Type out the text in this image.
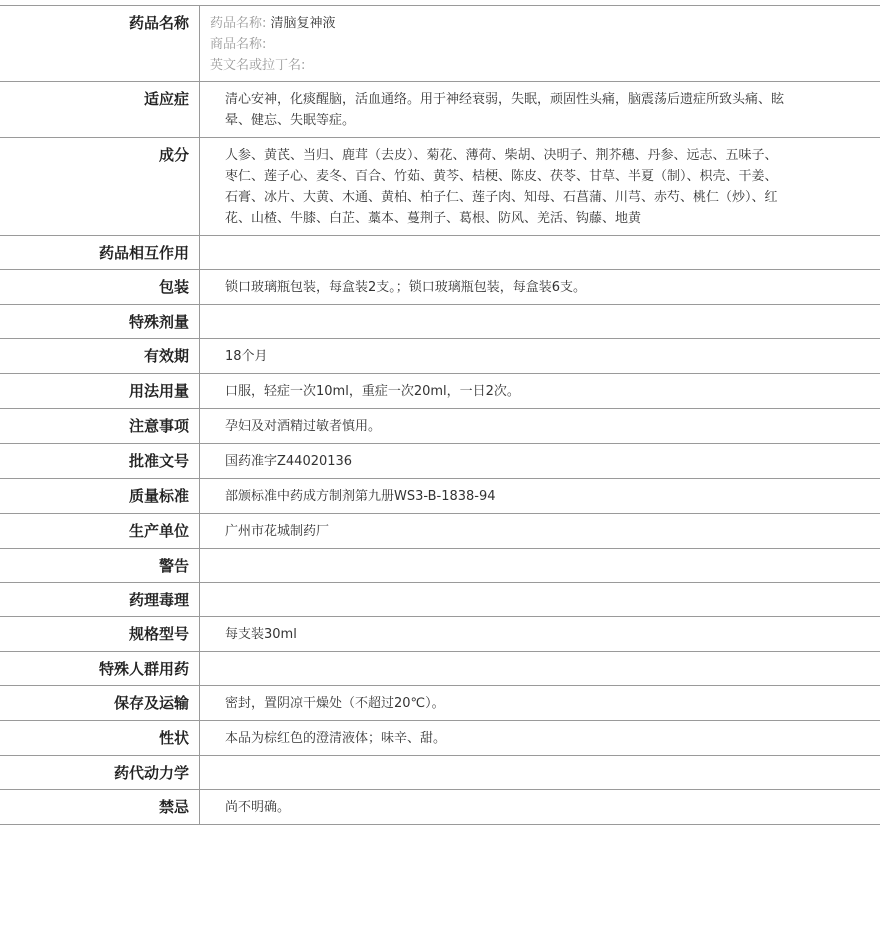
药品名称	药品名称: 清脑复神液
商品名称:
英文名或拉丁名:

适应症	清心安神，化痰醒脑，活血通络。用于神经衰弱，失眠，顽固性头痛，脑震荡后遗症所致头痛、眩晕、健忘、失眠等症。
成分	人参、黄芪、当归、鹿茸（去皮）、菊花、薄荷、柴胡、决明子、荆芥穗、丹参、远志、五味子、枣仁、莲子心、麦冬、百合、竹茹、黄芩、桔梗、陈皮、茯苓、甘草、半夏（制）、枳壳、干姜、石膏、冰片、大黄、木通、黄柏、柏子仁、莲子肉、知母、石菖蒲、川芎、赤芍、桃仁（炒）、红花、山楂、牛膝、白芷、藁本、蔓荆子、葛根、防风、羌活、钩藤、地黄
药品相互作用	
包装	锁口玻璃瓶包装，每盒装2支。；锁口玻璃瓶包装，每盒装6支。
特殊剂量	
有效期	18个月
用法用量	口服，轻症一次10ml，重症一次20ml，一日2次。
注意事项	孕妇及对酒精过敏者慎用。
批准文号	国药准字Z44020136
质量标准	部颁标准中药成方制剂第九册WS3-B-1838-94
生产单位	广州市花城制药厂
警告	
药理毒理	
规格型号	每支装30ml
特殊人群用药	
保存及运输	密封，置阴凉干燥处（不超过20℃）。
性状	本品为棕红色的澄清液体；味辛、甜。
药代动力学	
禁忌	尚不明确。
